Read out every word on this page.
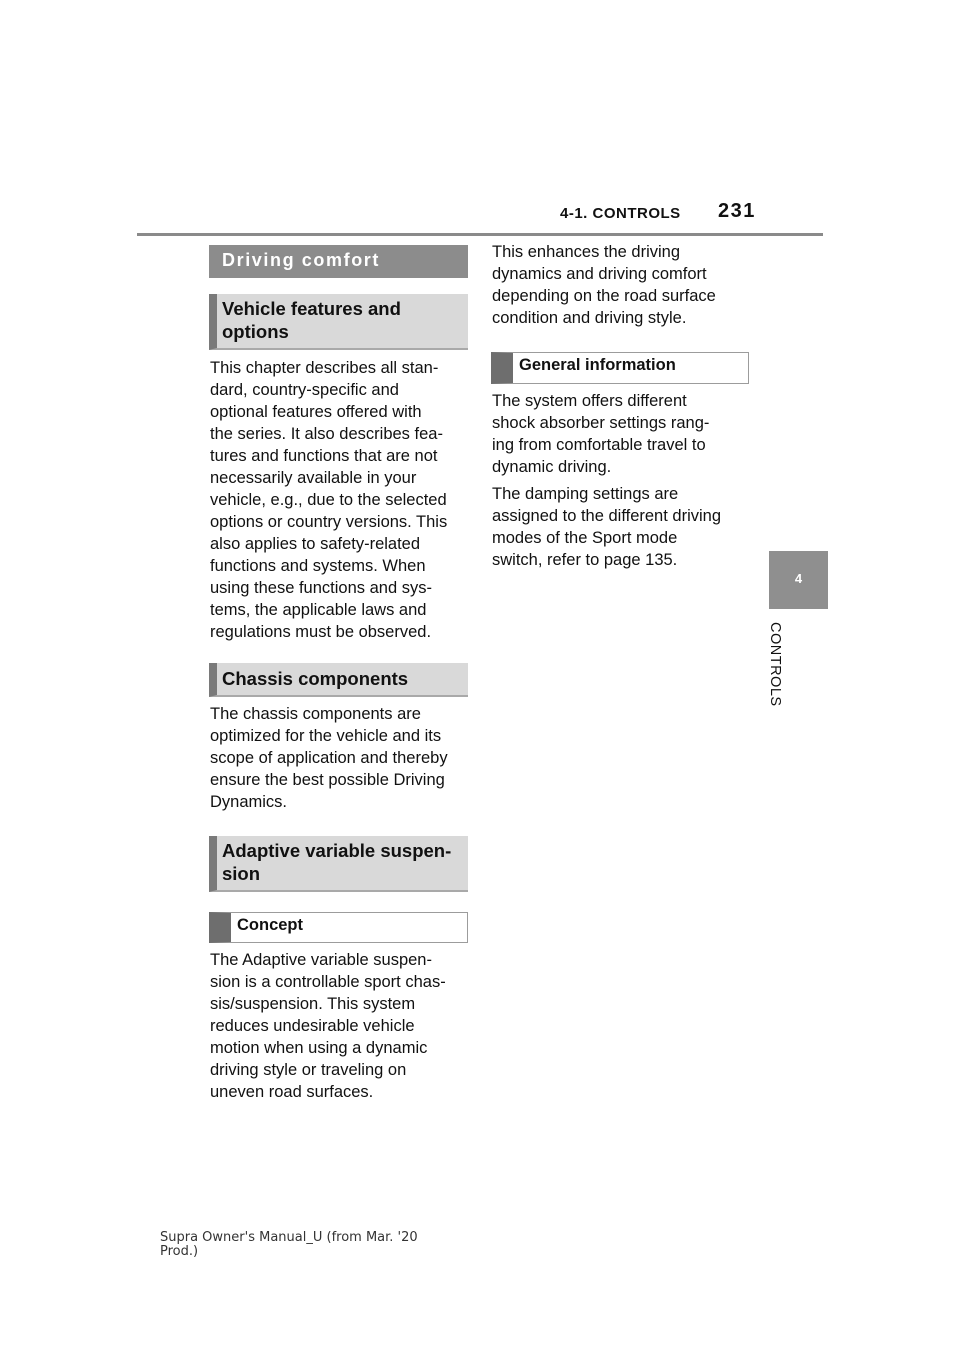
4-1. CONTROLS 231
4
CONTROLS
Driving comfort
Vehicle features and options
This chapter describes all stan-
dard, country-specific and
optional features offered with
the series. It also describes fea-
tures and functions that are not
necessarily available in your
vehicle, e.g., due to the selected
options or country versions. This
also applies to safety-related
functions and systems. When
using these functions and sys-
tems, the applicable laws and
regulations must be observed.
Chassis components
The chassis components are
optimized for the vehicle and its
scope of application and thereby
ensure the best possible Driving
Dynamics.
Adaptive variable suspen-
sion
Concept
The Adaptive variable suspen-
sion is a controllable sport chas-
sis/suspension. This system
reduces undesirable vehicle
motion when using a dynamic
driving style or traveling on
uneven road surfaces.
This enhances the driving
dynamics and driving comfort
depending on the road surface
condition and driving style.
General information
The system offers different
shock absorber settings rang-
ing from comfortable travel to
dynamic driving.
The damping settings are
assigned to the different driving
modes of the Sport mode
switch, refer to page 135.
Supra Owner's Manual_U (from Mar. '20
Prod.)
